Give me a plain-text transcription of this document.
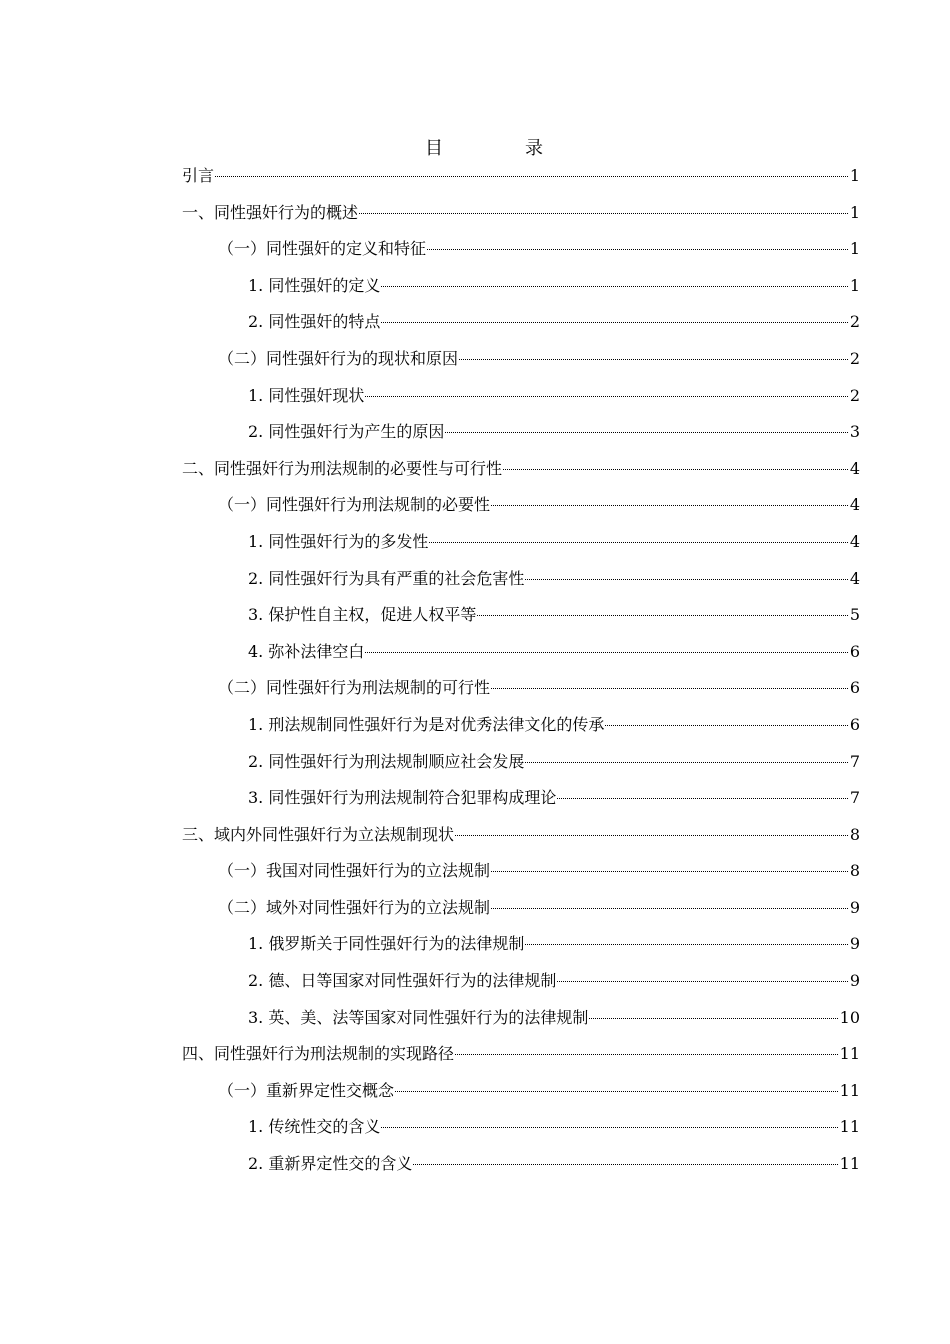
目　录
引言	1
一、同性强奸行为的概述	1
（一）同性强奸的定义和特征	1
1. 同性强奸的定义	1
2. 同性强奸的特点	2
（二）同性强奸行为的现状和原因	2
1. 同性强奸现状	2
2. 同性强奸行为产生的原因	3
二、同性强奸行为刑法规制的必要性与可行性	4
（一）同性强奸行为刑法规制的必要性	4
1. 同性强奸行为的多发性	4
2. 同性强奸行为具有严重的社会危害性	4
3. 保护性自主权，促进人权平等	5
4. 弥补法律空白	6
（二）同性强奸行为刑法规制的可行性	6
1. 刑法规制同性强奸行为是对优秀法律文化的传承	6
2. 同性强奸行为刑法规制顺应社会发展	7
3. 同性强奸行为刑法规制符合犯罪构成理论	7
三、域内外同性强奸行为立法规制现状	8
（一）我国对同性强奸行为的立法规制	8
（二）域外对同性强奸行为的立法规制	9
1. 俄罗斯关于同性强奸行为的法律规制	9
2. 德、日等国家对同性强奸行为的法律规制	9
3. 英、美、法等国家对同性强奸行为的法律规制	10
四、同性强奸行为刑法规制的实现路径	11
（一）重新界定性交概念	11
1. 传统性交的含义	11
2. 重新界定性交的含义	11
